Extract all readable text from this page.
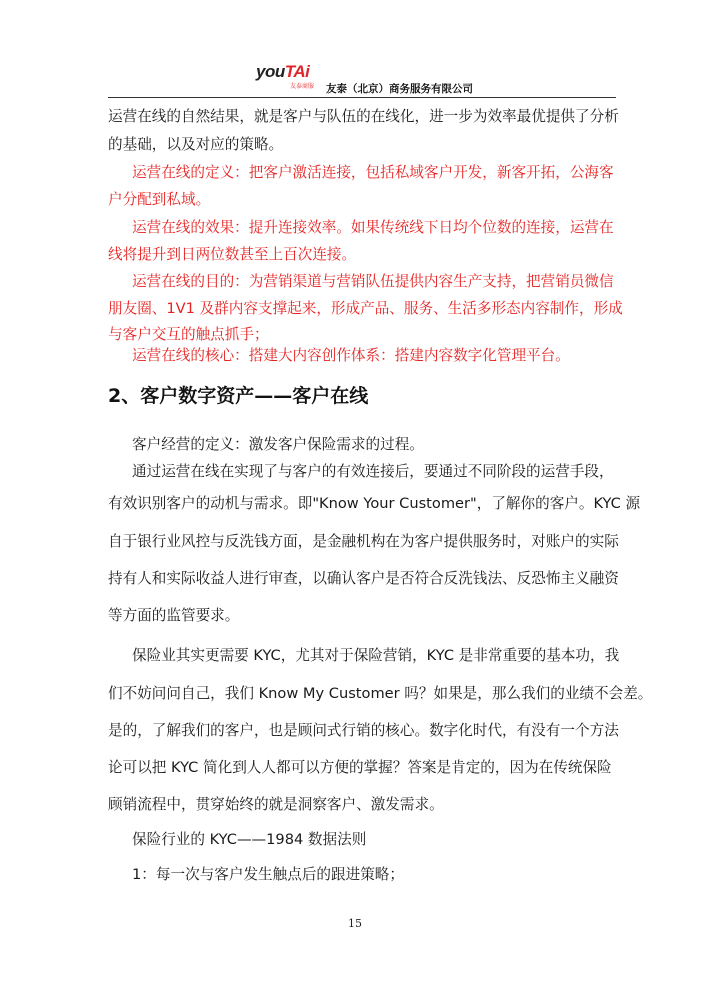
youTAi
友泰商服 友泰（北京）商务服务有限公司

运营在线的自然结果，就是客户与队伍的在线化，进一步为效率最优提供了分析

的基础，以及对应的策略。

运营在线的定义：把客户激活连接，包括私域客户开发，新客开拓，公海客

户分配到私域。

运营在线的效果：提升连接效率。如果传统线下日均个位数的连接，运营在

线将提升到日两位数甚至上百次连接。

运营在线的目的：为营销渠道与营销队伍提供内容生产支持，把营销员微信

朋友圈、1V1 及群内容支撑起来，形成产品、服务、生活多形态内容制作，形成

与客户交互的触点抓手；

运营在线的核心：搭建大内容创作体系：搭建内容数字化管理平台。

2、客户数字资产——客户在线

客户经营的定义：激发客户保险需求的过程。

通过运营在线在实现了与客户的有效连接后，要通过不同阶段的运营手段，

有效识别客户的动机与需求。即"Know Your Customer"，了解你的客户。KYC 源

自于银行业风控与反洗钱方面，是金融机构在为客户提供服务时，对账户的实际

持有人和实际收益人进行审查，以确认客户是否符合反洗钱法、反恐怖主义融资

等方面的监管要求。

保险业其实更需要 KYC，尤其对于保险营销，KYC 是非常重要的基本功，我

们不妨问问自己，我们 Know My Customer 吗？如果是，那么我们的业绩不会差。

是的，了解我们的客户，也是顾问式行销的核心。数字化时代，有没有一个方法

论可以把 KYC 简化到人人都可以方便的掌握？答案是肯定的，因为在传统保险

顾销流程中，贯穿始终的就是洞察客户、激发需求。

保险行业的 KYC——1984 数据法则

1：每一次与客户发生触点后的跟进策略；

15
